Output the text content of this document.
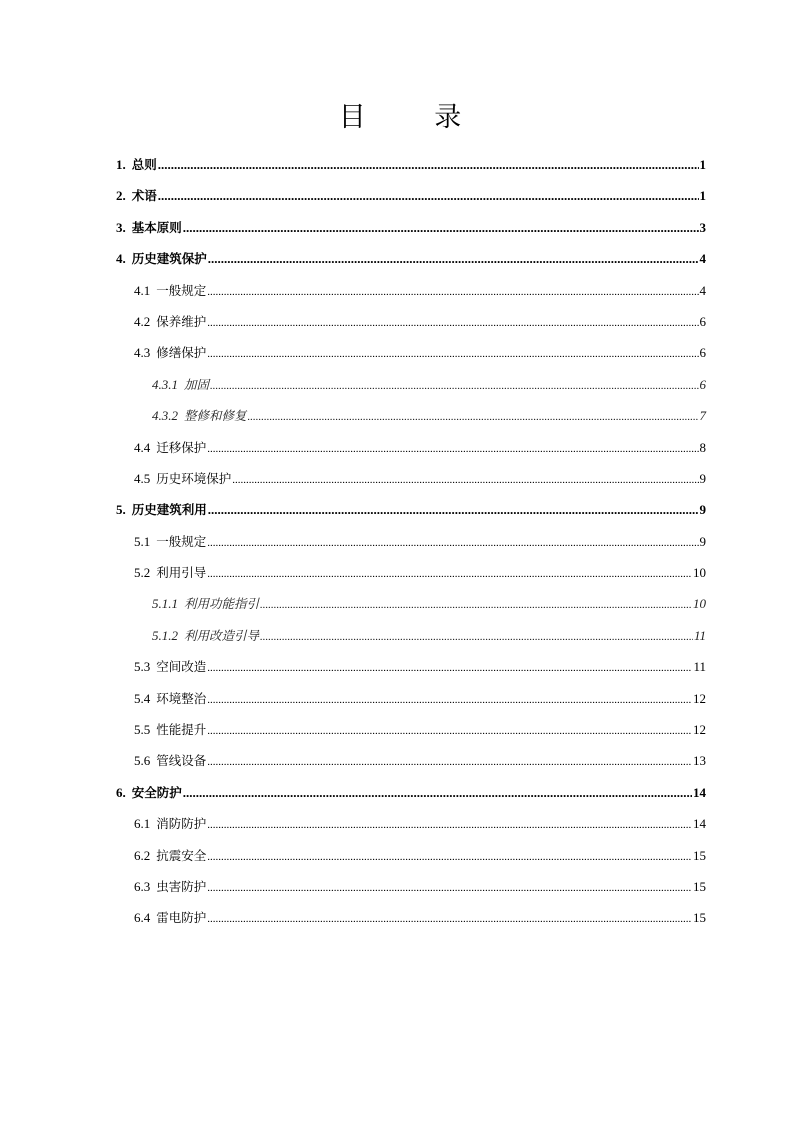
目 录
1. 总则 .....	1
2. 术语 .....	1
3. 基本原则 .....	3
4. 历史建筑保护 .....	4
4.1 一般规定 .....	4
4.2 保养维护 .....	6
4.3 修缮保护 .....	6
4.3.1 加固 .....	6
4.3.2 整修和修复 .....	7
4.4 迁移保护 .....	8
4.5 历史环境保护 .....	9
5. 历史建筑利用 .....	9
5.1 一般规定 .....	9
5.2 利用引导 .....	10
5.1.1 利用功能指引 .....	10
5.1.2 利用改造引导 .....	11
5.3 空间改造 .....	11
5.4 环境整治 .....	12
5.5 性能提升 .....	12
5.6 管线设备 .....	13
6. 安全防护 .....	14
6.1 消防防护 .....	14
6.2 抗震安全 .....	15
6.3 虫害防护 .....	15
6.4 雷电防护 .....	15
